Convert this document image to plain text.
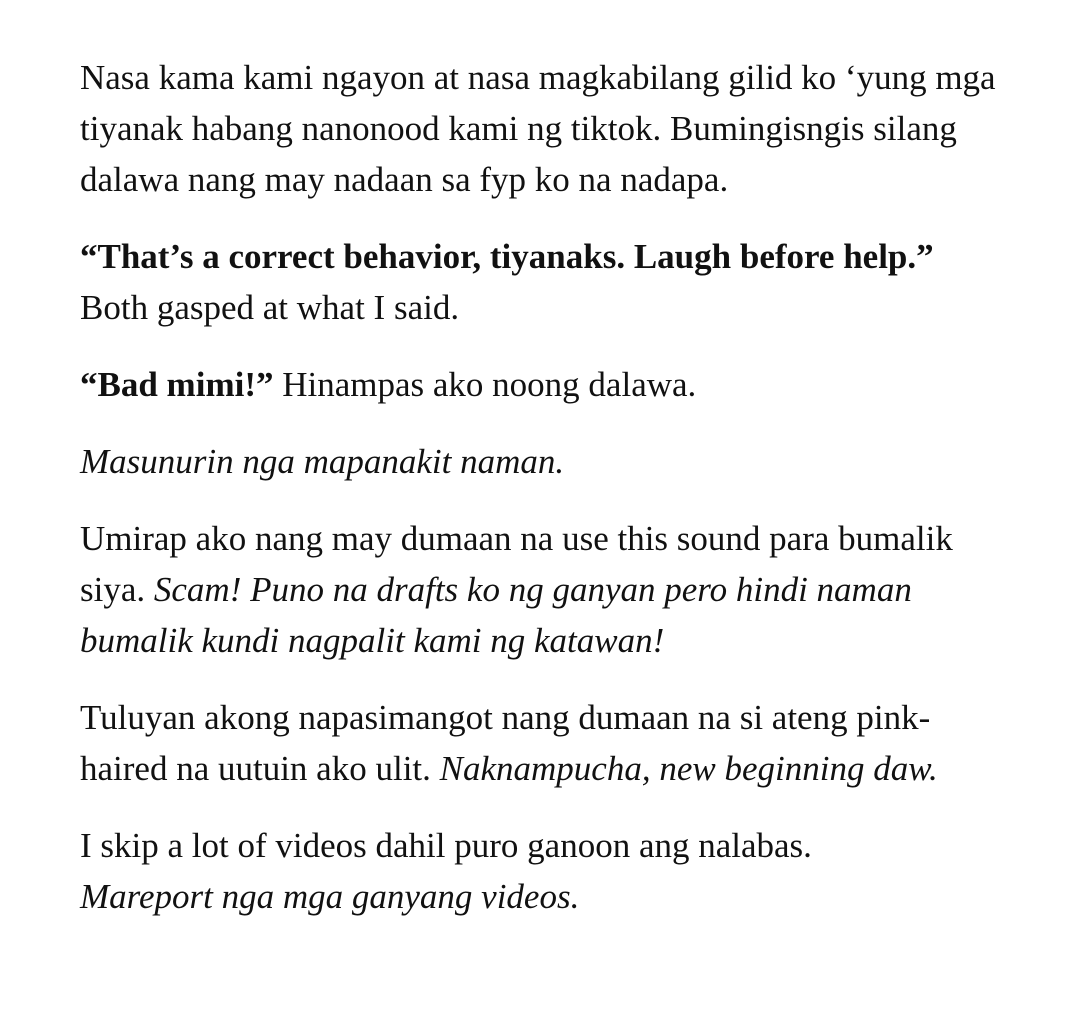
Nasa kama kami ngayon at nasa magkabilang gilid ko ‘yung mga tiyanak habang nanonood kami ng tiktok. Bumingisngis silang dalawa nang may nadaan sa fyp ko na nadapa.

“That’s a correct behavior, tiyanaks. Laugh before help.”
Both gasped at what I said.

“Bad mimi!” Hinampas ako noong dalawa.

Masunurin nga mapanakit naman.

Umirap ako nang may dumaan na use this sound para bumalik siya. Scam! Puno na drafts ko ng ganyan pero hindi naman bumalik kundi nagpalit kami ng katawan!

Tuluyan akong napasimangot nang dumaan na si ateng pink-haired na uutuin ako ulit. Naknampucha, new beginning daw.

I skip a lot of videos dahil puro ganoon ang nalabas.
Mareport nga mga ganyang videos.
